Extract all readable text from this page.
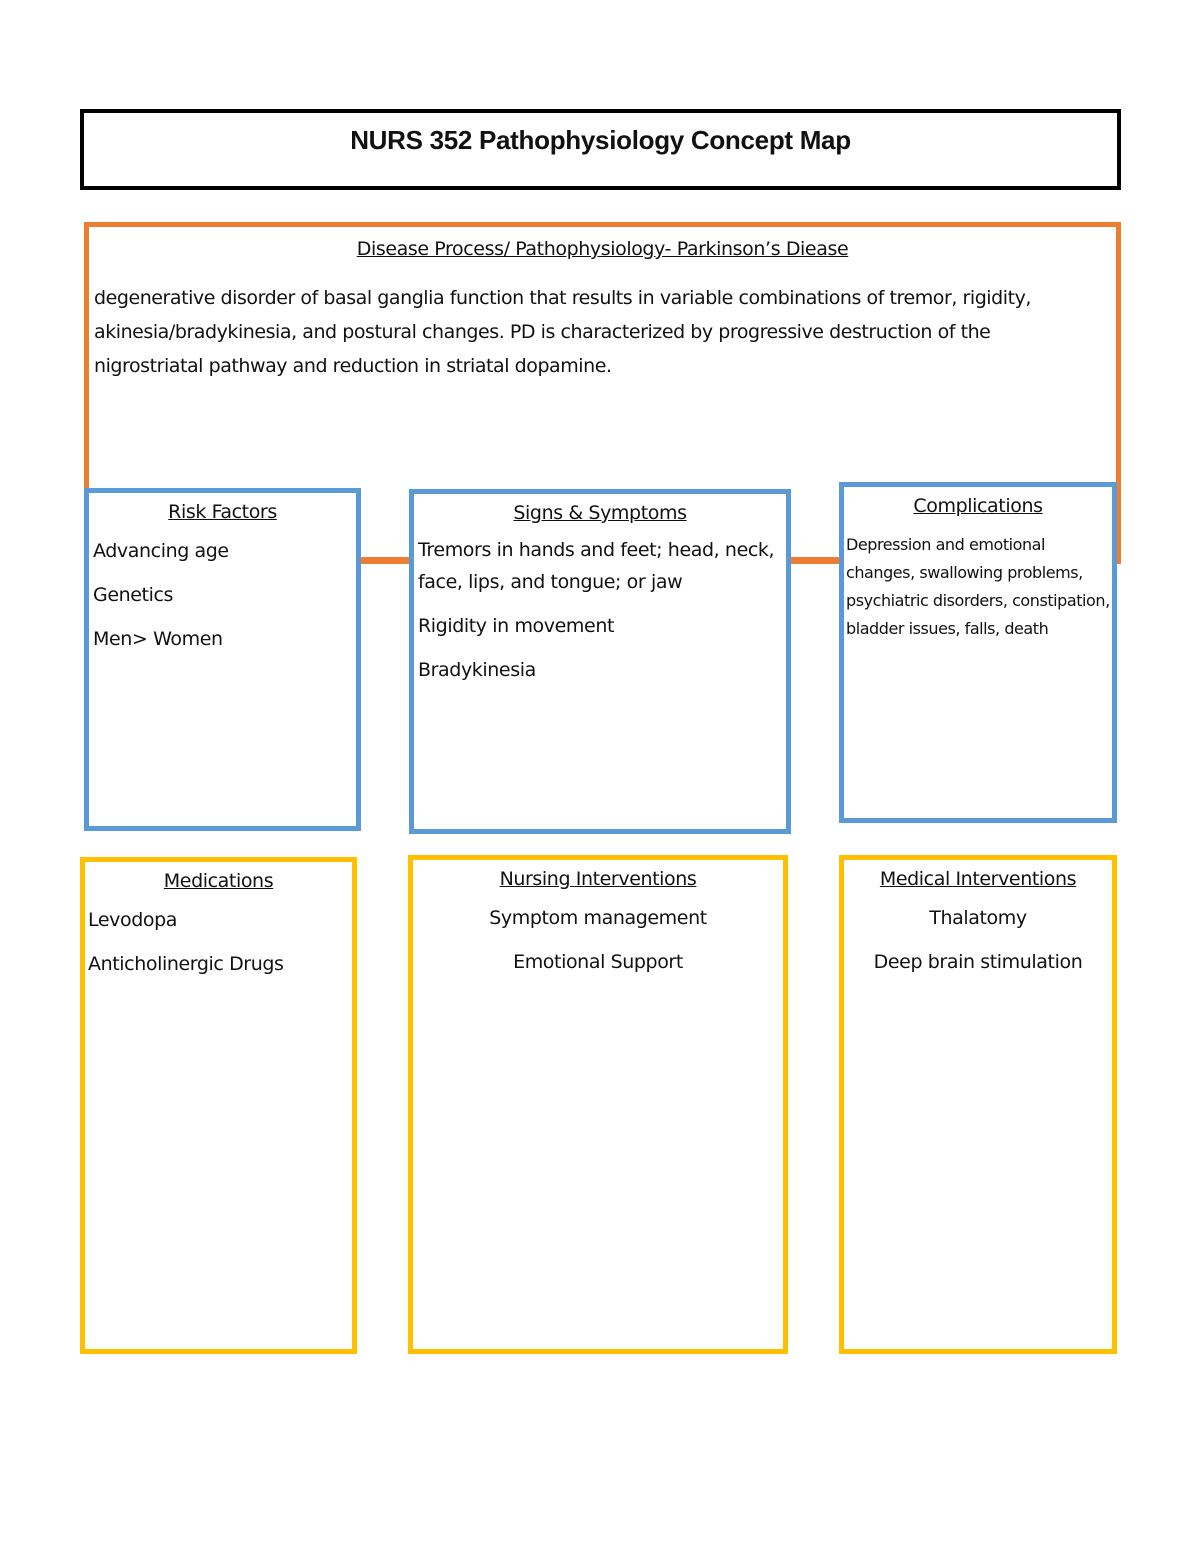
NURS 352 Pathophysiology Concept Map
Disease Process/ Pathophysiology- Parkinson’s Diease
degenerative disorder of basal ganglia function that results in variable combinations of tremor, rigidity, akinesia/bradykinesia, and postural changes. PD is characterized by progressive destruction of the nigrostriatal pathway and reduction in striatal dopamine.
Risk Factors
Advancing age
Genetics
Men> Women
Signs & Symptoms
Tremors in hands and feet; head, neck, face, lips, and tongue; or jaw
Rigidity in movement
Bradykinesia
Complications
Depression and emotional changes, swallowing problems, psychiatric disorders, constipation, bladder issues, falls, death
Medications
Levodopa
Anticholinergic Drugs
Nursing Interventions
Symptom management
Emotional Support
Medical Interventions
Thalatomy
Deep brain stimulation
